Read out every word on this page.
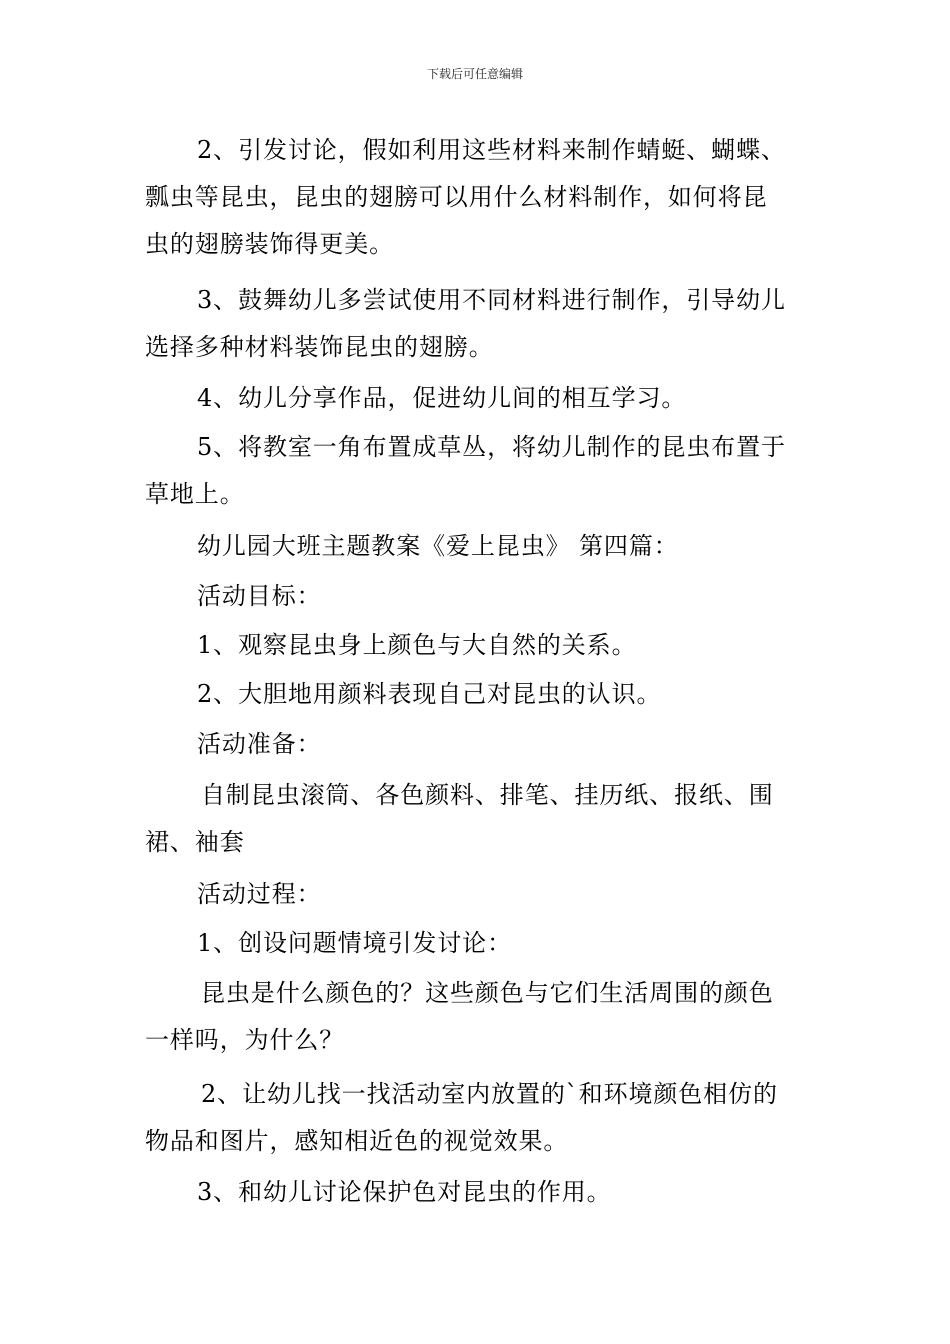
下载后可任意编辑
2、引发讨论，假如利用这些材料来制作蜻蜓、蝴蝶、
瓢虫等昆虫，昆虫的翅膀可以用什么材料制作，如何将昆
虫的翅膀装饰得更美。
3、鼓舞幼儿多尝试使用不同材料进行制作，引导幼儿
选择多种材料装饰昆虫的翅膀。
4、幼儿分享作品，促进幼儿间的相互学习。
5、将教室一角布置成草丛，将幼儿制作的昆虫布置于
草地上。
幼儿园大班主题教案《爱上昆虫》 第四篇：
活动目标：
1、观察昆虫身上颜色与大自然的关系。
2、大胆地用颜料表现自己对昆虫的认识。
活动准备：
自制昆虫滚筒、各色颜料、排笔、挂历纸、报纸、围
裙、袖套
活动过程：
1、创设问题情境引发讨论：
昆虫是什么颜色的？这些颜色与它们生活周围的颜色
一样吗，为什么？
2、让幼儿找一找活动室内放置的`和环境颜色相仿的
物品和图片，感知相近色的视觉效果。
3、和幼儿讨论保护色对昆虫的作用。
